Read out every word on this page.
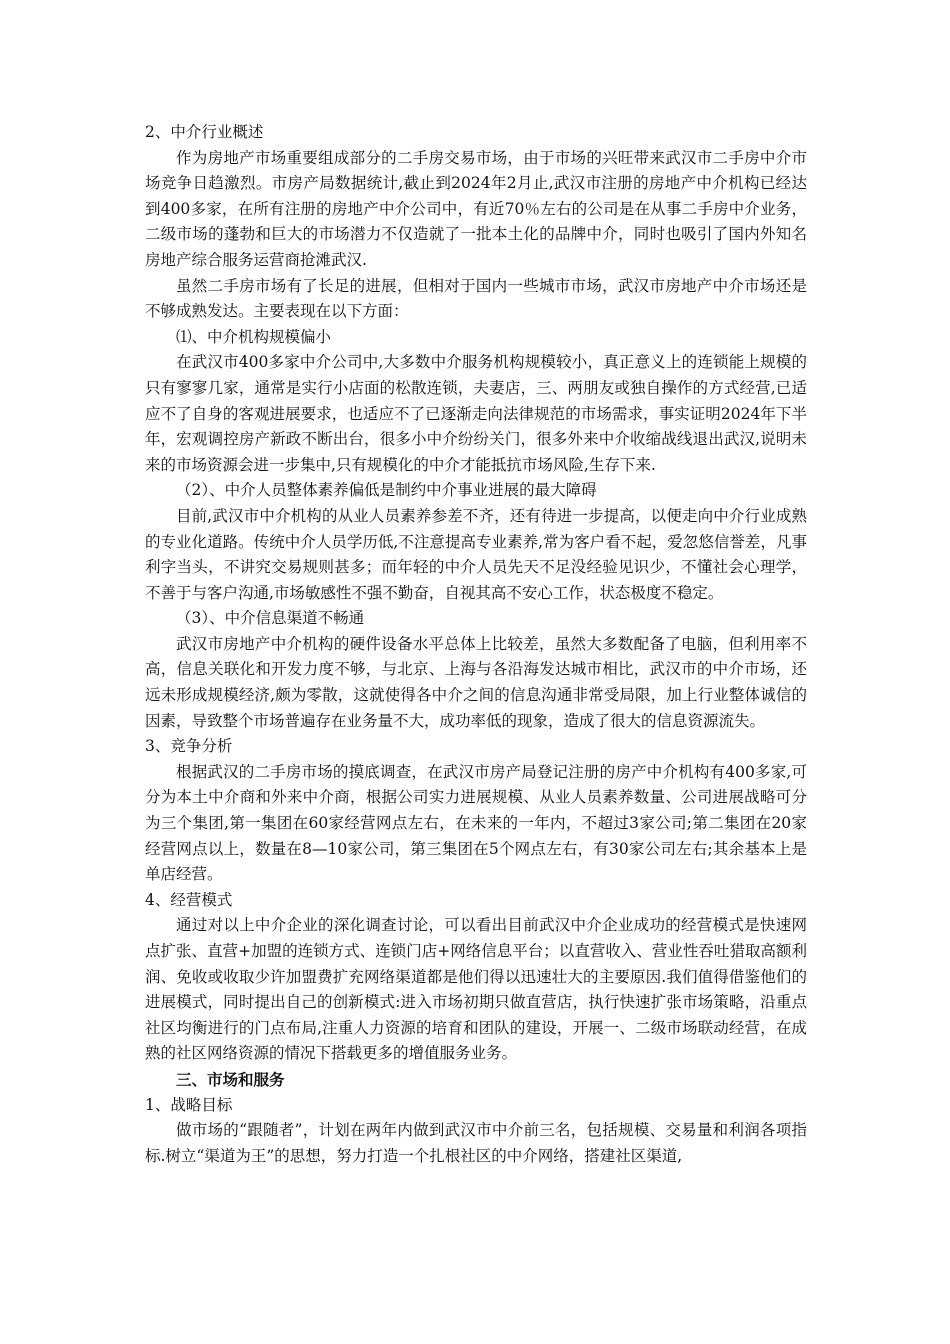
2、中介行业概述

作为房地产市场重要组成部分的二手房交易市场，由于市场的兴旺带来武汉市二手房中介市场竞争日趋激烈。市房产局数据统计,截止到2024年2月止,武汉市注册的房地产中介机构已经达到400多家，在所有注册的房地产中介公司中，有近70％左右的公司是在从事二手房中介业务，二级市场的蓬勃和巨大的市场潜力不仅造就了一批本土化的品牌中介，同时也吸引了国内外知名房地产综合服务运营商抢滩武汉.

虽然二手房市场有了长足的进展，但相对于国内一些城市市场，武汉市房地产中介市场还是不够成熟发达。主要表现在以下方面：

⑴、中介机构规模偏小

在武汉市400多家中介公司中,大多数中介服务机构规模较小，真正意义上的连锁能上规模的只有寥寥几家，通常是实行小店面的松散连锁，夫妻店，三、两朋友或独自操作的方式经营,已适应不了自身的客观进展要求，也适应不了已逐渐走向法律规范的市场需求，事实证明2024年下半年，宏观调控房产新政不断出台，很多小中介纷纷关门，很多外来中介收缩战线退出武汉,说明未来的市场资源会进一步集中,只有规模化的中介才能抵抗市场风险,生存下来.

（2）、中介人员整体素养偏低是制约中介事业进展的最大障碍

目前,武汉市中介机构的从业人员素养参差不齐，还有待进一步提高，以便走向中介行业成熟的专业化道路。传统中介人员学历低,不注意提高专业素养,常为客户看不起，爱忽悠信誉差，凡事利字当头，不讲究交易规则甚多；而年轻的中介人员先天不足没经验见识少，不懂社会心理学，不善于与客户沟通,市场敏感性不强不勤奋，自视其高不安心工作，状态极度不稳定。

（3）、中介信息渠道不畅通

武汉市房地产中介机构的硬件设备水平总体上比较差，虽然大多数配备了电脑，但利用率不高，信息关联化和开发力度不够，与北京、上海与各沿海发达城市相比，武汉市的中介市场，还远未形成规模经济,颇为零散，这就使得各中介之间的信息沟通非常受局限，加上行业整体诚信的因素，导致整个市场普遍存在业务量不大，成功率低的现象，造成了很大的信息资源流失。

3、竞争分析

根据武汉的二手房市场的摸底调查，在武汉市房产局登记注册的房产中介机构有400多家,可分为本土中介商和外来中介商，根据公司实力进展规模、从业人员素养数量、公司进展战略可分为三个集团,第一集团在60家经营网点左右，在未来的一年内，不超过3家公司;第二集团在20家经营网点以上，数量在8—10家公司，第三集团在5个网点左右，有30家公司左右;其余基本上是单店经营。

4、经营模式

通过对以上中介企业的深化调查讨论，可以看出目前武汉中介企业成功的经营模式是快速网点扩张、直营+加盟的连锁方式、连锁门店+网络信息平台；以直营收入、营业性吞吐猎取高额利润、免收或收取少许加盟费扩充网络渠道都是他们得以迅速壮大的主要原因.我们值得借鉴他们的进展模式，同时提出自己的创新模式:进入市场初期只做直营店，执行快速扩张市场策略，沿重点社区均衡进行的门点布局,注重人力资源的培育和团队的建设，开展一、二级市场联动经营，在成熟的社区网络资源的情况下搭载更多的增值服务业务。

三、市场和服务

1、战略目标

做市场的“跟随者”，计划在两年内做到武汉市中介前三名，包括规模、交易量和利润各项指标.树立“渠道为王”的思想，努力打造一个扎根社区的中介网络，搭建社区渠道,
